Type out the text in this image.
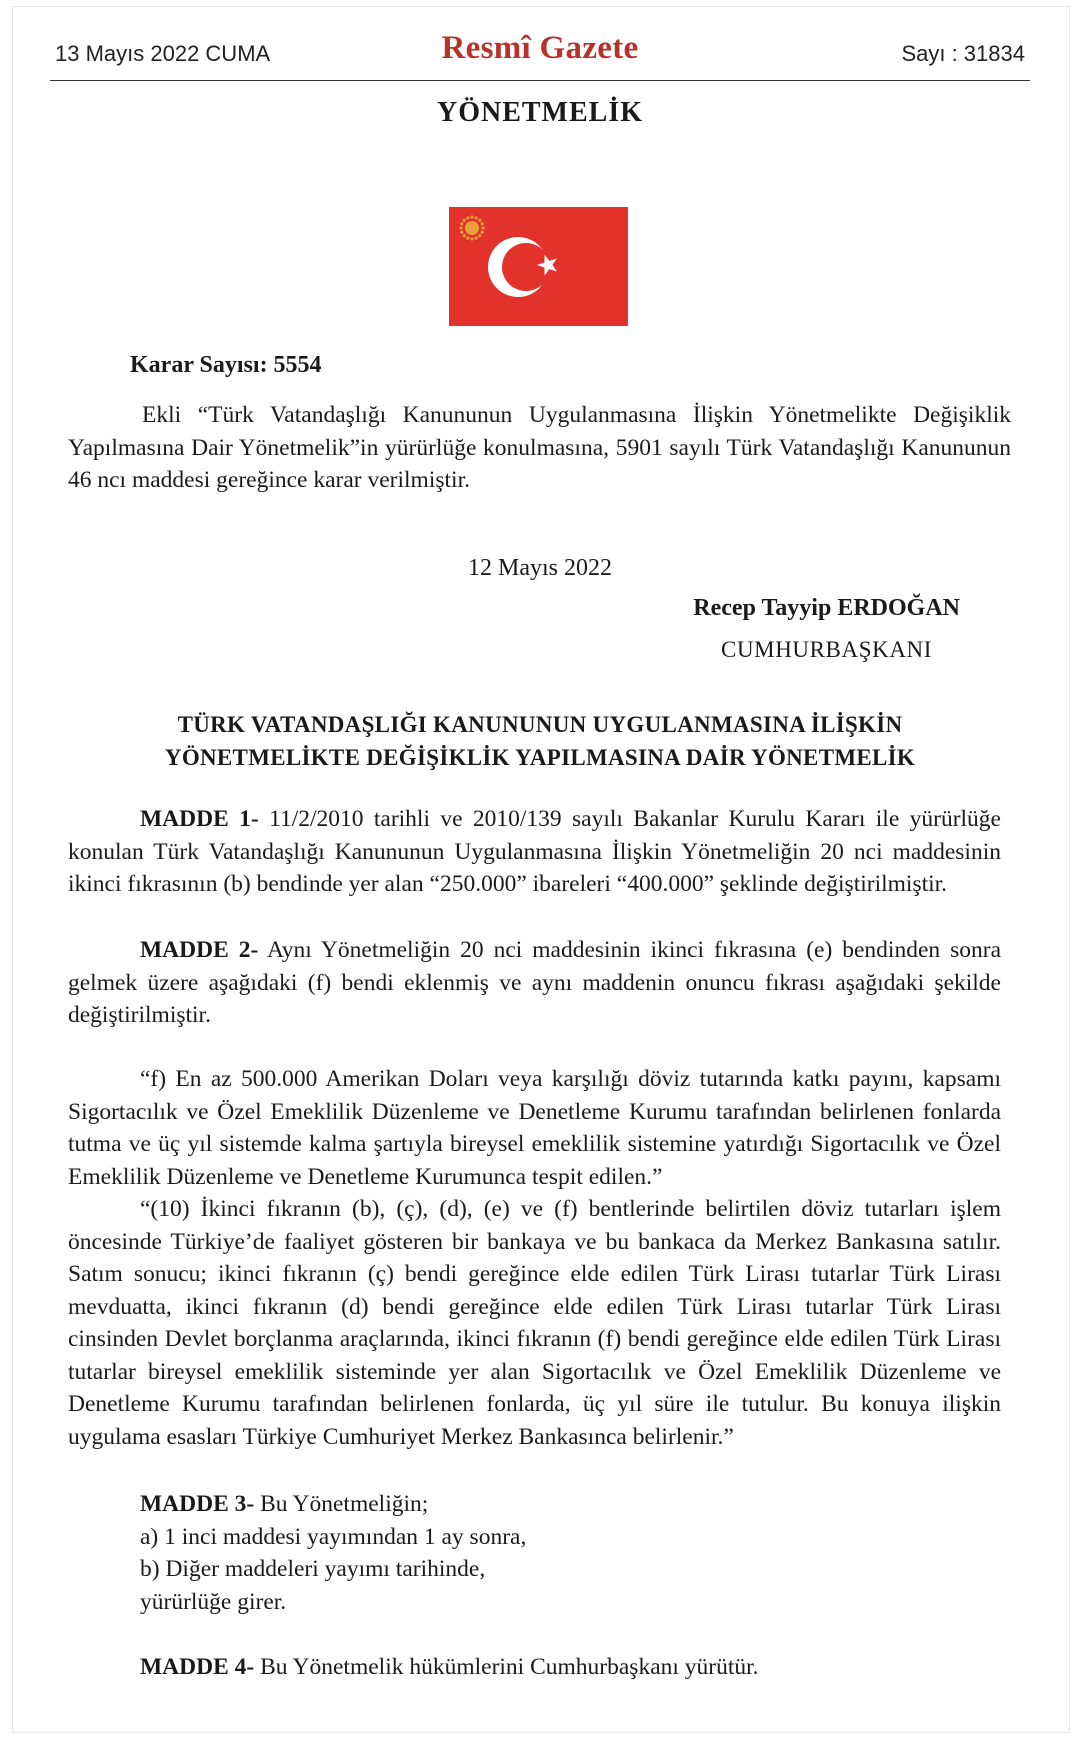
13 Mayıs 2022 CUMA	Resmî Gazete	Sayı : 31834
YÖNETMELİK
Karar Sayısı: 5554

Ekli “Türk Vatandaşlığı Kanununun Uygulanmasına İlişkin Yönetmelikte Değişiklik Yapılmasına Dair Yönetmelik”in yürürlüğe konulmasına, 5901 sayılı Türk Vatandaşlığı Kanununun 46 ncı maddesi gereğince karar verilmiştir.

12 Mayıs 2022
Recep Tayyip ERDOĞAN
CUMHURBAŞKANI
TÜRK VATANDAŞLIĞI KANUNUNUN UYGULANMASINA İLİŞKİN
YÖNETMELİKTE DEĞİŞİKLİK YAPILMASINA DAİR YÖNETMELİK

MADDE 1- 11/2/2010 tarihli ve 2010/139 sayılı Bakanlar Kurulu Kararı ile yürürlüğe konulan Türk Vatandaşlığı Kanununun Uygulanmasına İlişkin Yönetmeliğin 20 nci maddesinin ikinci fıkrasının (b) bendinde yer alan “250.000” ibareleri “400.000” şeklinde değiştirilmiştir.

MADDE 2- Aynı Yönetmeliğin 20 nci maddesinin ikinci fıkrasına (e) bendinden sonra gelmek üzere aşağıdaki (f) bendi eklenmiş ve aynı maddenin onuncu fıkrası aşağıdaki şekilde değiştirilmiştir.

“f) En az 500.000 Amerikan Doları veya karşılığı döviz tutarında katkı payını, kapsamı Sigortacılık ve Özel Emeklilik Düzenleme ve Denetleme Kurumu tarafından belirlenen fonlarda tutma ve üç yıl sistemde kalma şartıyla bireysel emeklilik sistemine yatırdığı Sigortacılık ve Özel Emeklilik Düzenleme ve Denetleme Kurumunca tespit edilen.”

“(10) İkinci fıkranın (b), (ç), (d), (e) ve (f) bentlerinde belirtilen döviz tutarları işlem öncesinde Türkiye’de faaliyet gösteren bir bankaya ve bu bankaca da Merkez Bankasına satılır. Satım sonucu; ikinci fıkranın (ç) bendi gereğince elde edilen Türk Lirası tutarlar Türk Lirası mevduatta, ikinci fıkranın (d) bendi gereğince elde edilen Türk Lirası tutarlar Türk Lirası cinsinden Devlet borçlanma araçlarında, ikinci fıkranın (f) bendi gereğince elde edilen Türk Lirası tutarlar bireysel emeklilik sisteminde yer alan Sigortacılık ve Özel Emeklilik Düzenleme ve Denetleme Kurumu tarafından belirlenen fonlarda, üç yıl süre ile tutulur. Bu konuya ilişkin uygulama esasları Türkiye Cumhuriyet Merkez Bankasınca belirlenir.”

MADDE 3- Bu Yönetmeliğin;
a) 1 inci maddesi yayımından 1 ay sonra,
b) Diğer maddeleri yayımı tarihinde,
yürürlüğe girer.
MADDE 4- Bu Yönetmelik hükümlerini Cumhurbaşkanı yürütür.
